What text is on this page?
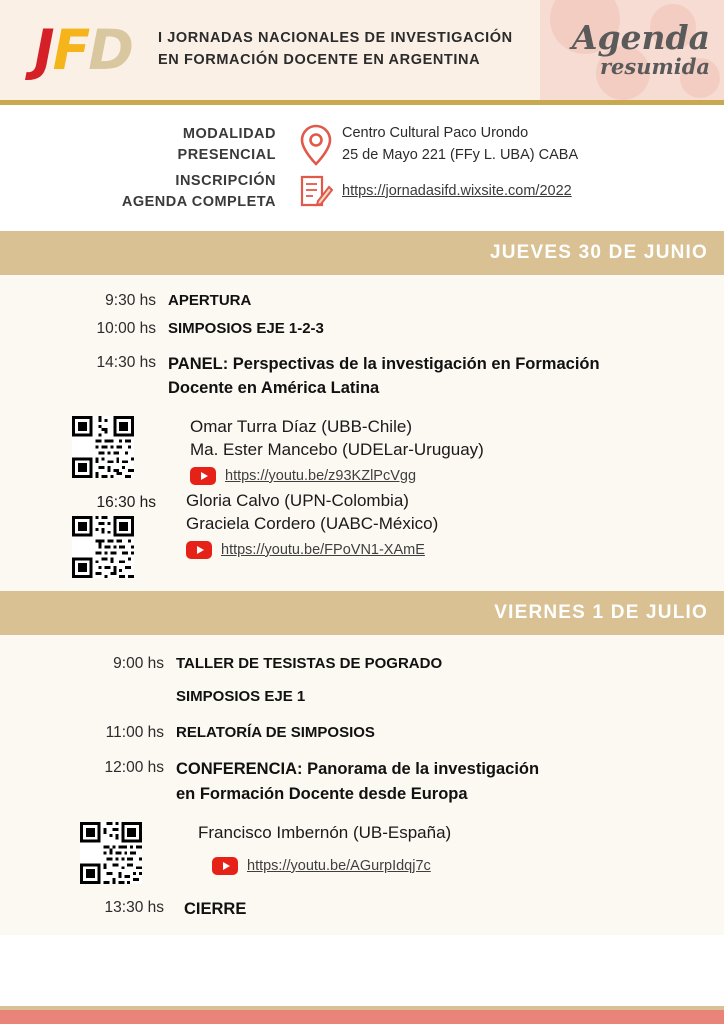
JFD I JORNADAS NACIONALES DE INVESTIGACIÓN
EN FORMACIÓN DOCENTE EN ARGENTINA
Agenda
resumida
MODALIDAD
PRESENCIAL
Centro Cultural Paco Urondo
25 de Mayo 221 (FFy L. UBA) CABA
INSCRIPCIÓN
AGENDA COMPLETA
https://jornadasifd.wixsite.com/2022
JUEVES 30 DE JUNIO
9:30 hs APERTURA
10:00 hs SIMPOSIOS EJE 1-2-3
14:30 hs PANEL: Perspectivas de la investigación en Formación
Docente en América Latina
Omar Turra Díaz (UBB-Chile)
Ma. Ester Mancebo (UDELar-Uruguay)
https://youtu.be/z93KZlPcVgg
16:30 hs	Gloria Calvo (UPN-Colombia)
Graciela Cordero (UABC-México)
https://youtu.be/FPoVN1-XAmE
VIERNES 1 DE JULIO
9:00 hs TALLER DE TESISTAS DE POGRADO
SIMPOSIOS EJE 1
11:00 hs RELATORÍA DE SIMPOSIOS
12:00 hs CONFERENCIA: Panorama de la investigación
en Formación Docente desde Europa
Francisco Imbernón (UB-España)
https://youtu.be/AGurpIdqj7c
13:30 hs	CIERRE
